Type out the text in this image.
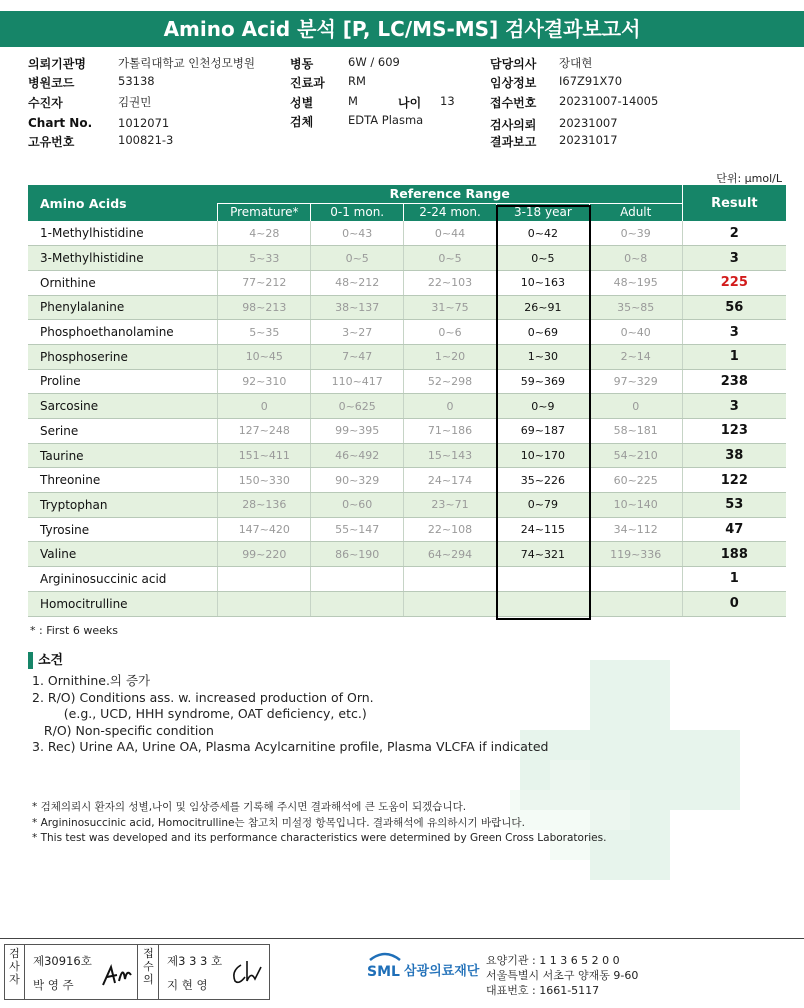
Amino Acid 분석 [P, LC/MS-MS] 검사결과보고서
의뢰기관명	가톨릭대학교 인천성모병원
병원코드	53138
수진자	김권민
Chart No. 1012071
고유번호	100821-3
병동	6W / 609
진료과 RM
성별	M	나이 13
검체	EDTA Plasma
담당의사 장대현
임상정보 I67Z91X70
접수번호 20231007-14005
검사의뢰 20231007
결과보고 20231017
단위: μmol/L
Amino Acids	Reference Range					Result
	Premature*	0-1 mon.	2-24 mon.	3-18 year	Adult	
1-Methylhistidine	4~28	0~43	0~44	0~42	0~39	2
3-Methylhistidine	5~33	0~5	0~5	0~5	0~8	3
Ornithine	77~212	48~212	22~103	10~163	48~195	225
Phenylalanine	98~213	38~137	31~75	26~91	35~85	56
Phosphoethanolamine	5~35	3~27	0~6	0~69	0~40	3
Phosphoserine	10~45	7~47	1~20	1~30	2~14	1
Proline	92~310	110~417	52~298	59~369	97~329	238
Sarcosine	0	0~625	0	0~9	0	3
Serine	127~248	99~395	71~186	69~187	58~181	123
Taurine	151~411	46~492	15~143	10~170	54~210	38
Threonine	150~330	90~329	24~174	35~226	60~225	122
Tryptophan	28~136	0~60	23~71	0~79	10~140	53
Tyrosine	147~420	55~147	22~108	24~115	34~112	47
Valine	99~220	86~190	64~294	74~321	119~336	188
Argininosuccinic acid						1
Homocitrulline						0
* : First 6 weeks
소견
1. Ornithine.의 증가
2. R/O) Conditions ass. w. increased production of Orn.
(e.g., UCD, HHH syndrome, OAT deficiency, etc.)
R/O) Non-specific condition
3. Rec) Urine AA, Urine OA, Plasma Acylcarnitine profile, Plasma VLCFA if indicated
* 검체의뢰시 환자의 성별,나이 및 임상증세를 기록해 주시면 결과해석에 큰 도움이 되겠습니다.
* Argininosuccinic acid, Homocitrulline는 참고치 미설정 항목입니다. 결과해석에 유의하시기 바랍니다.
* This test was developed and its performance characteristics were determined by Green Cross Laboratories.
검사자
제30916호
박 영 주
접수의
제3 3 3 호
지 현 영
SML 삼광의료재단
요양기관 : 1 1 3 6 5 2 0 0
서울특별시 서초구 양재동 9-60
대표번호 : 1661-5117
